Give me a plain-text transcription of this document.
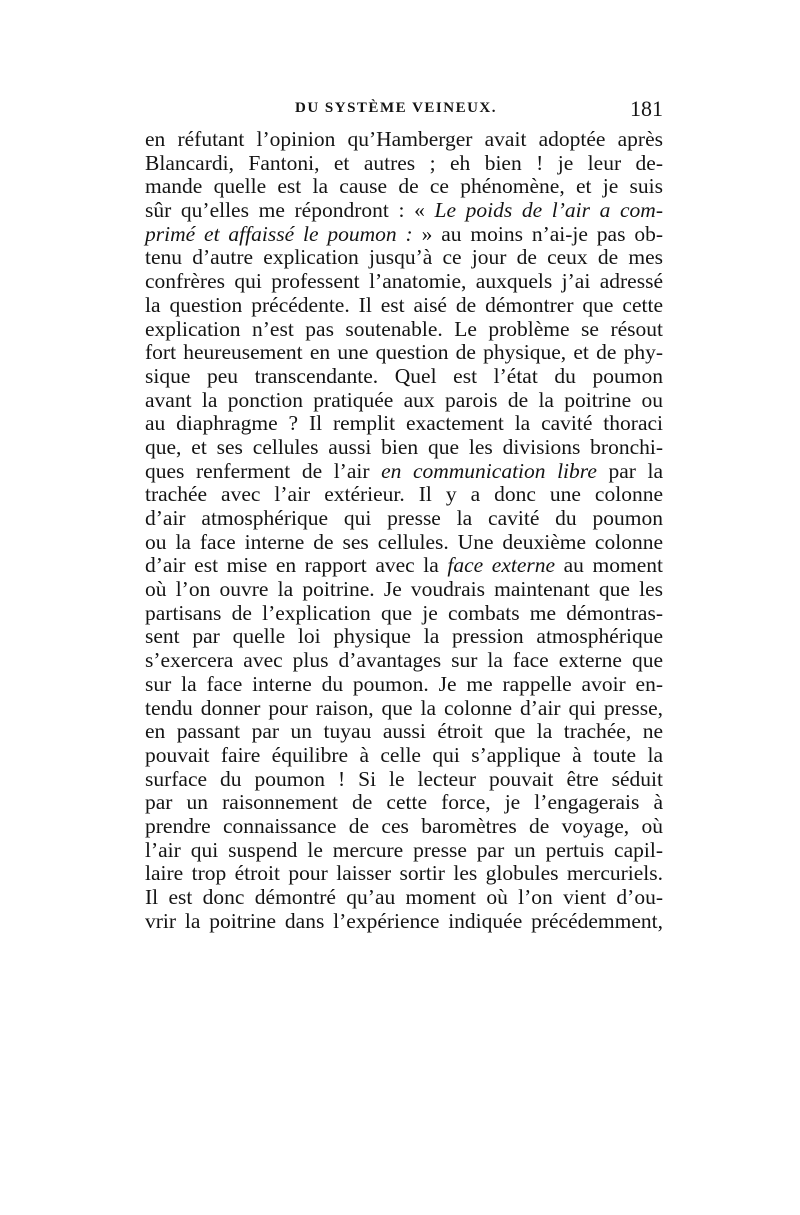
DU SYSTÈME VEINEUX.	181
en réfutant l’opinion qu’Hamberger avait adoptée après
Blancardi, Fantoni, et autres ; eh bien ! je leur de-
mande quelle est la cause de ce phénomène, et je suis
sûr qu’elles me répondront : « Le poids de l’air a com-
primé et affaissé le poumon : » au moins n’ai-je pas ob-
tenu d’autre explication jusqu’à ce jour de ceux de mes
confrères qui professent l’anatomie, auxquels j’ai adressé
la question précédente. Il est aisé de démontrer que cette
explication n’est pas soutenable. Le problème se résout
fort heureusement en une question de physique, et de phy-
sique peu transcendante. Quel est l’état du poumon
avant la ponction pratiquée aux parois de la poitrine ou
au diaphragme ? Il remplit exactement la cavité thoraci
que, et ses cellules aussi bien que les divisions bronchi-
ques renferment de l’air en communication libre par la
trachée avec l’air extérieur. Il y a donc une colonne
d’air atmosphérique qui presse la cavité du poumon
ou la face interne de ses cellules. Une deuxième colonne
d’air est mise en rapport avec la face externe au moment
où l’on ouvre la poitrine. Je voudrais maintenant que les
partisans de l’explication que je combats me démontras-
sent par quelle loi physique la pression atmosphérique
s’exercera avec plus d’avantages sur la face externe que
sur la face interne du poumon. Je me rappelle avoir en-
tendu donner pour raison, que la colonne d’air qui presse,
en passant par un tuyau aussi étroit que la trachée, ne
pouvait faire équilibre à celle qui s’applique à toute la
surface du poumon ! Si le lecteur pouvait être séduit
par un raisonnement de cette force, je l’engagerais à
prendre connaissance de ces baromètres de voyage, où
l’air qui suspend le mercure presse par un pertuis capil-
laire trop étroit pour laisser sortir les globules mercuriels.
Il est donc démontré qu’au moment où l’on vient d’ou-
vrir la poitrine dans l’expérience indiquée précédemment,
